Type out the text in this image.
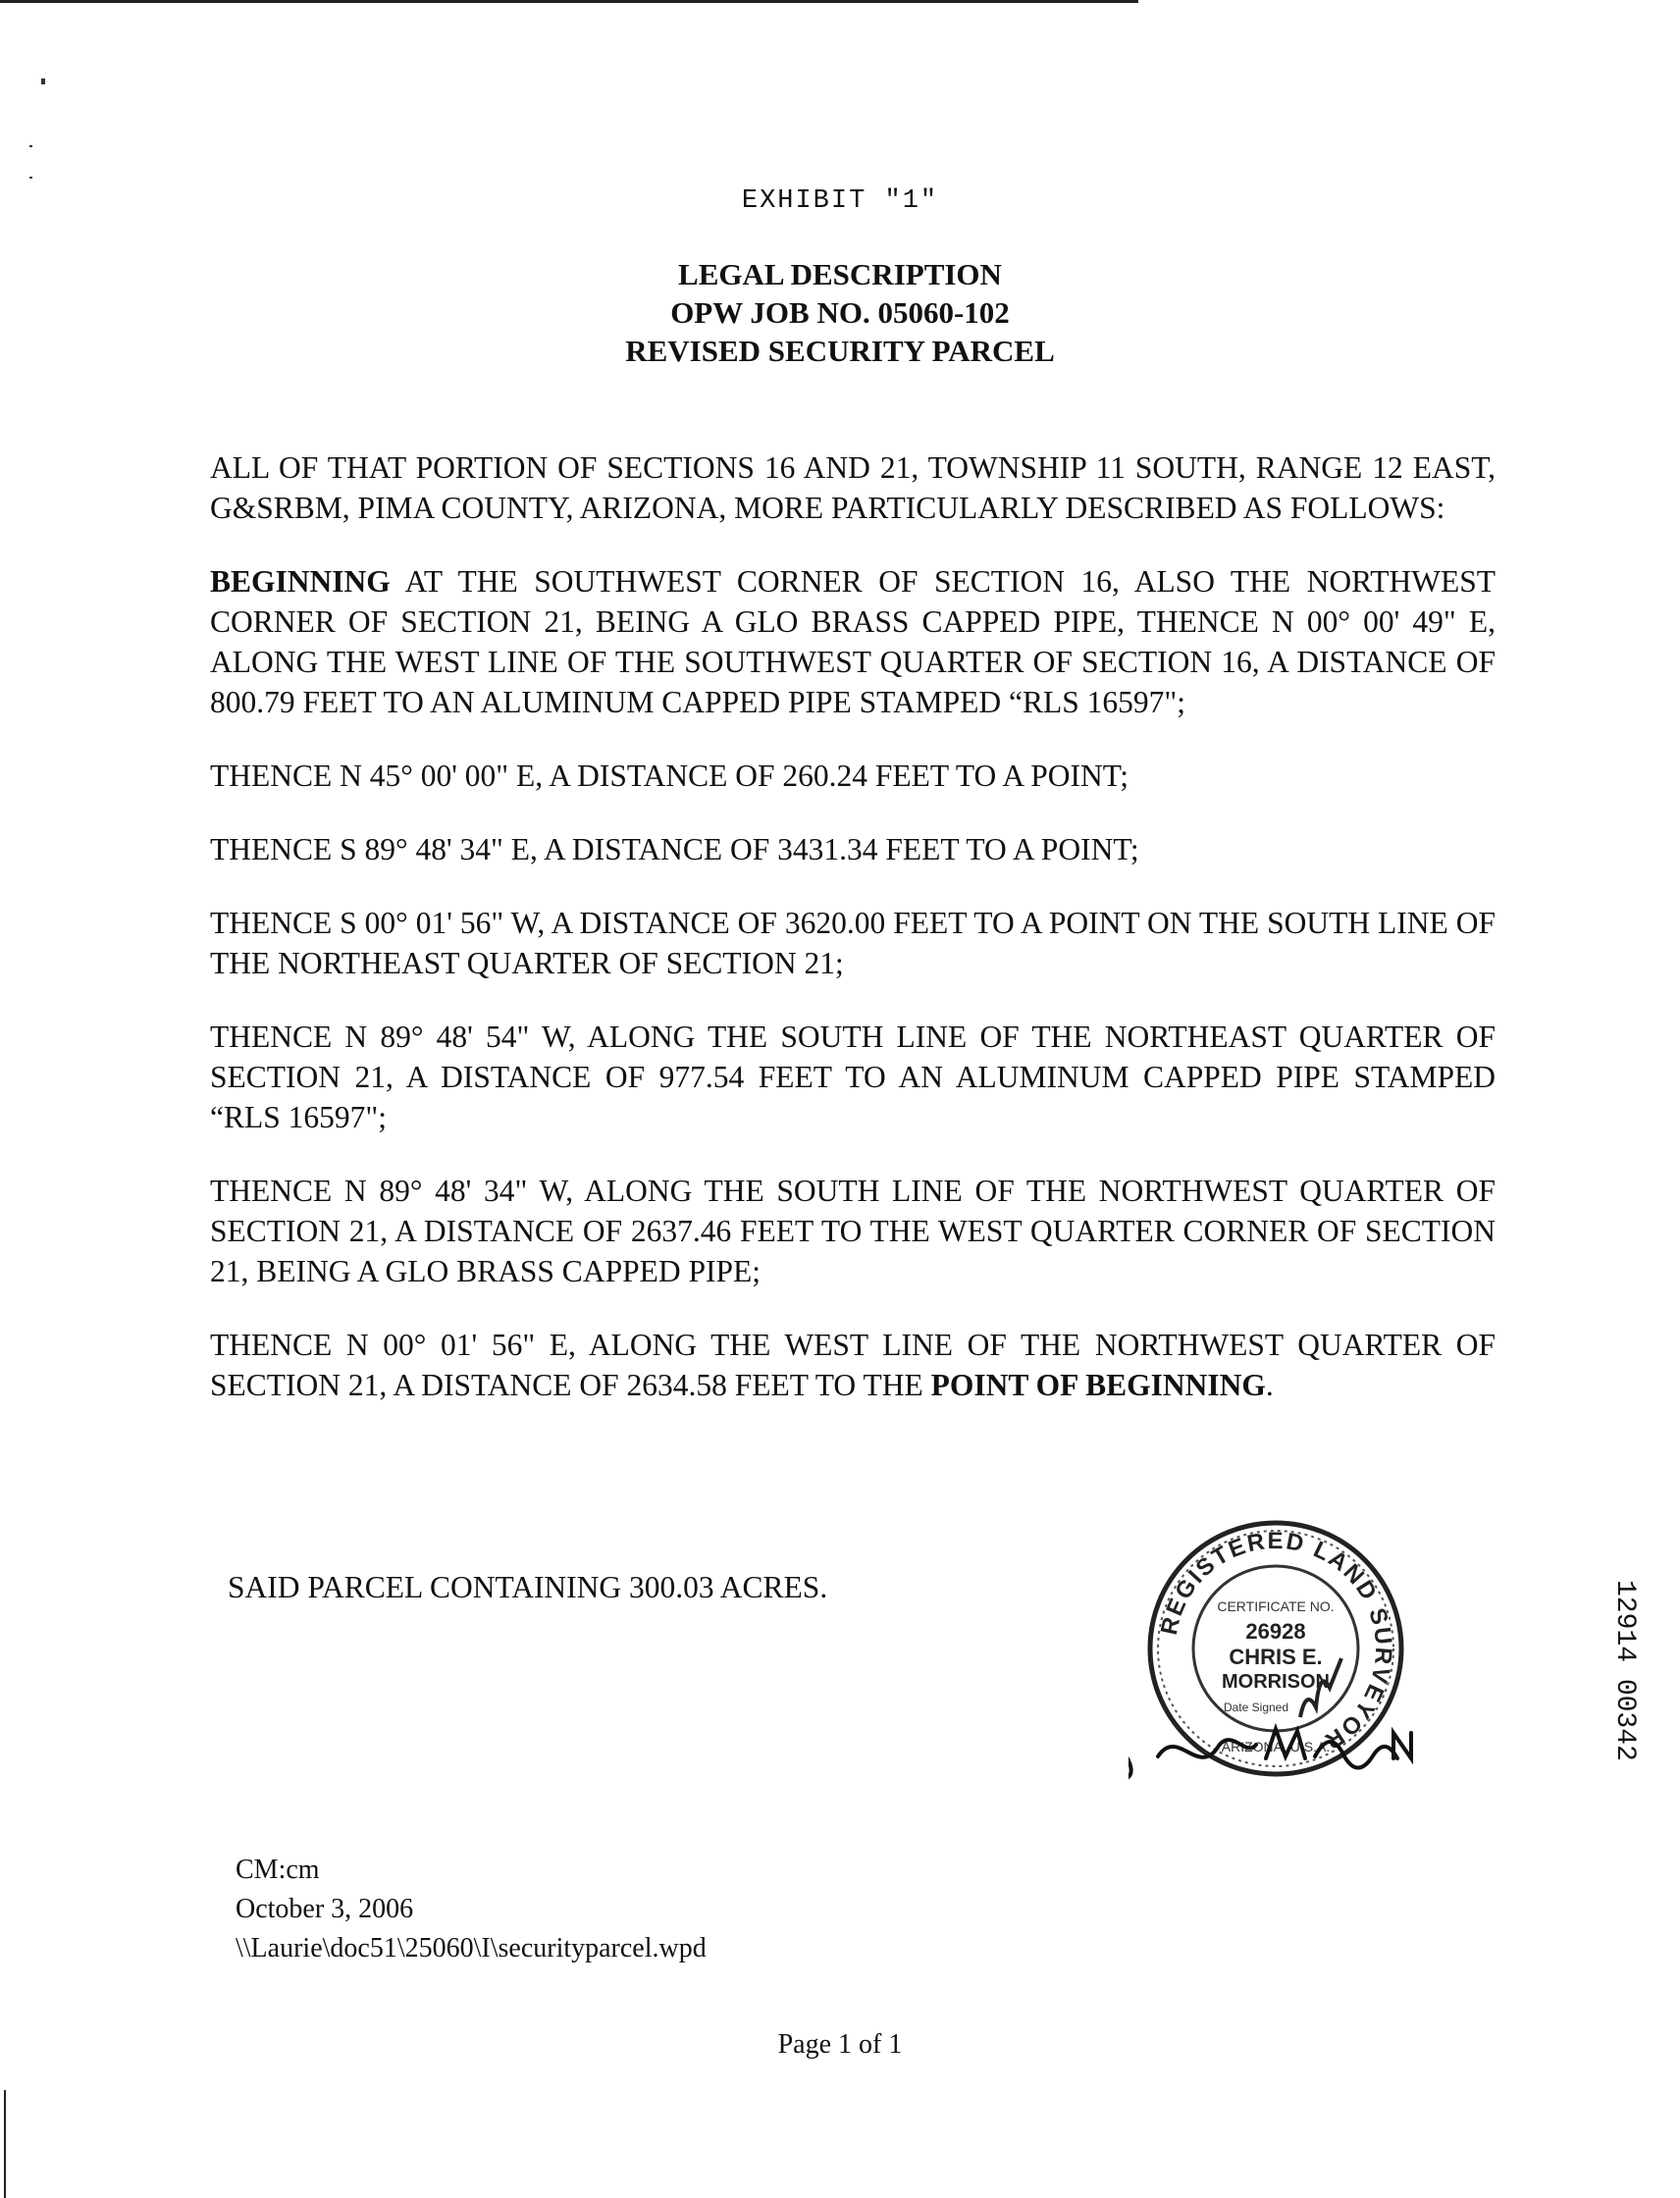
EXHIBIT "1"
LEGAL DESCRIPTION
OPW JOB NO. 05060-102
REVISED SECURITY PARCEL

ALL OF THAT PORTION OF SECTIONS 16 AND 21, TOWNSHIP 11 SOUTH, RANGE 12 EAST, G&SRBM, PIMA COUNTY, ARIZONA, MORE PARTICULARLY DESCRIBED AS FOLLOWS:

BEGINNING AT THE SOUTHWEST CORNER OF SECTION 16, ALSO THE NORTHWEST CORNER OF SECTION 21, BEING A GLO BRASS CAPPED PIPE, THENCE N 00° 00' 49" E, ALONG THE WEST LINE OF THE SOUTHWEST QUARTER OF SECTION 16, A DISTANCE OF 800.79 FEET TO AN ALUMINUM CAPPED PIPE STAMPED “RLS 16597";

THENCE N 45° 00' 00" E, A DISTANCE OF 260.24 FEET TO A POINT;

THENCE S 89° 48' 34" E, A DISTANCE OF 3431.34 FEET TO A POINT;

THENCE S 00° 01' 56" W, A DISTANCE OF 3620.00 FEET TO A POINT ON THE SOUTH LINE OF THE NORTHEAST QUARTER OF SECTION 21;

THENCE N 89° 48' 54" W, ALONG THE SOUTH LINE OF THE NORTHEAST QUARTER OF SECTION 21, A DISTANCE OF 977.54 FEET TO AN ALUMINUM CAPPED PIPE STAMPED “RLS 16597";

THENCE N 89° 48' 34" W, ALONG THE SOUTH LINE OF THE NORTHWEST QUARTER OF SECTION 21, A DISTANCE OF 2637.46 FEET TO THE WEST QUARTER CORNER OF SECTION 21, BEING A GLO BRASS CAPPED PIPE;

THENCE N 00° 01' 56" E, ALONG THE WEST LINE OF THE NORTHWEST QUARTER OF SECTION 21, A DISTANCE OF 2634.58 FEET TO THE POINT OF BEGINNING.

SAID PARCEL CONTAINING 300.03 ACRES.
REGISTERED LAND SURVEYOR
CERTIFICATE NO.
26928
CHRIS E.
MORRISON
Date Signed
ARIZONA, U.S.A.	12914 00342
CM:cm
October 3, 2006
\\Laurie\doc51\25060\I\securityparcel.wpd
Page 1 of 1
